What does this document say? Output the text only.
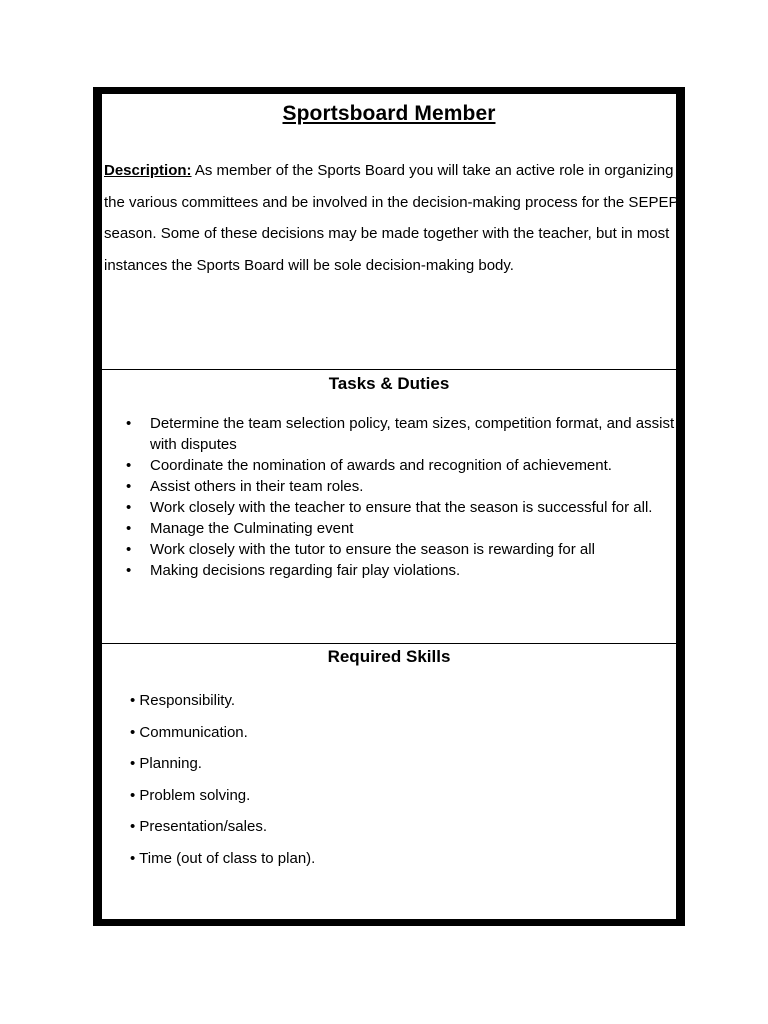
Sportsboard Member
Description: As member of the Sports Board you will take an active role in organizing the various committees and be involved in the decision-making process for the SEPEP season. Some of these decisions may be made together with the teacher, but in most instances the Sports Board will be sole decision-making body.
Tasks & Duties
• Determine the team selection policy, team sizes, competition format, and assist with disputes
• Coordinate the nomination of awards and recognition of achievement.
• Assist others in their team roles.
• Work closely with the teacher to ensure that the season is successful for all.
• Manage the Culminating event
• Work closely with the tutor to ensure the season is rewarding for all
• Making decisions regarding fair play violations.
Required Skills
• Responsibility.
• Communication.
• Planning.
• Problem solving.
• Presentation/sales.
• Time (out of class to plan).
